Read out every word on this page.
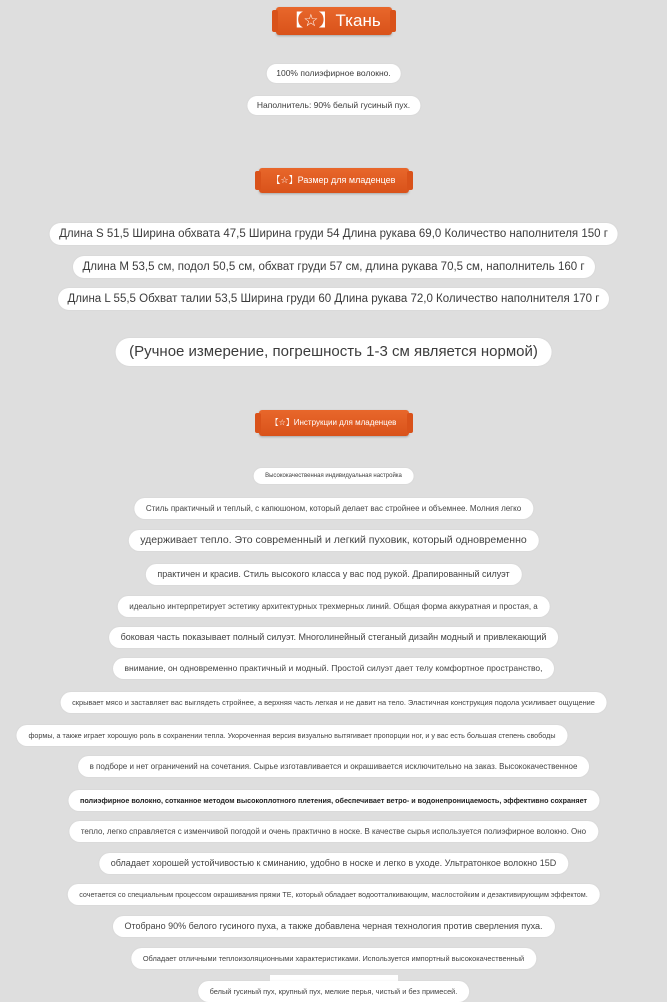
【☆】Ткань
100% полиэфирное волокно.
Наполнитель: 90% белый гусиный пух.
【☆】Размер для младенцев
Длина S 51,5 Ширина обхвата 47,5 Ширина груди 54 Длина рукава 69,0 Количество наполнителя 150 г
Длина M 53,5 см, подол 50,5 см, обхват груди 57 см, длина рукава 70,5 см, наполнитель 160 г
Длина L 55,5 Обхват талии 53,5 Ширина груди 60 Длина рукава 72,0 Количество наполнителя 170 г
(Ручное измерение, погрешность 1-3 см является нормой)
【☆】Инструкции для младенцев
Высококачественная индивидуальная настройка
Стиль практичный и теплый, с капюшоном, который делает вас стройнее и объемнее. Молния легко
удерживает тепло. Это современный и легкий пуховик, который одновременно
практичен и красив. Стиль высокого класса у вас под рукой. Драпированный силуэт
идеально интерпретирует эстетику архитектурных трехмерных линий. Общая форма аккуратная и простая, а
боковая часть показывает полный силуэт. Многолинейный стеганый дизайн модный и привлекающий
внимание, он одновременно практичный и модный. Простой силуэт дает телу комфортное пространство,
скрывает мясо и заставляет вас выглядеть стройнее, а верхняя часть легкая и не давит на тело. Эластичная конструкция подола усиливает ощущение
формы, а также играет хорошую роль в сохранении тепла. Укороченная версия визуально вытягивает пропорции ног, и у вас есть большая степень свободы
в подборе и нет ограничений на сочетания. Сырье изготавливается и окрашивается исключительно на заказ. Высококачественное
полиэфирное волокно, сотканное методом высокоплотного плетения, обеспечивает ветро- и водонепроницаемость, эффективно сохраняет
тепло, легко справляется с изменчивой погодой и очень практично в носке. В качестве сырья используется полиэфирное волокно. Оно
обладает хорошей устойчивостью к сминанию, удобно в носке и легко в уходе. Ультратонкое волокно 15D
сочетается со специальным процессом окрашивания пряжи TE, который обладает водоотталкивающим, маслостойким и дезактивирующим эффектом.
Отобрано 90% белого гусиного пуха, а также добавлена черная технология против сверления пуха.
Обладает отличными теплоизоляционными характеристиками. Используется импортный высококачественный
белый гусиный пух, крупный пух, мелкие перья, чистый и без примесей.
